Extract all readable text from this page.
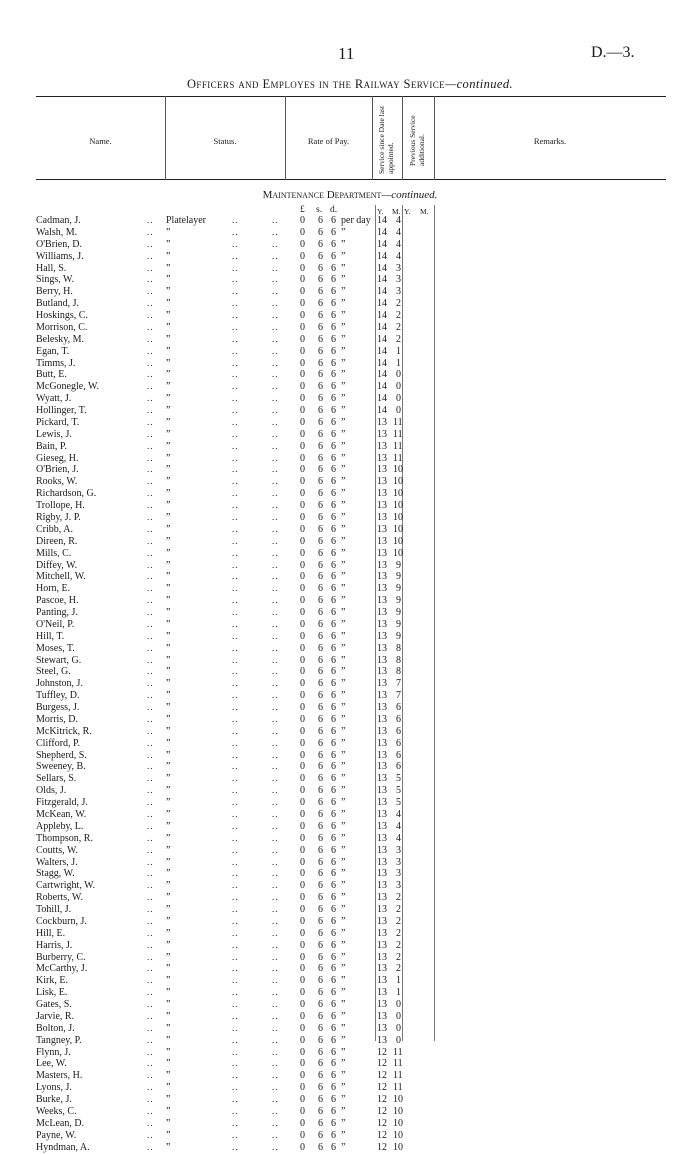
11	D.—3.
Officers and Employes in the Railway Service—continued.
Name.	Status.	Rate of Pay.	Service since Date last appointed. Previous Service additional.	Remarks.
Maintenance Department—continued.
£ s. d.	Y. M. Y. M.
Cadman, J.	.. Platelayer	..	.. 0 6 6 per day 14 4
Walsh, M.	.. ”	..	.. 0 6 6 ”	14 4
O'Brien, D.	.. ”	..	.. 0 6 6 ”	14 4
Williams, J.	.. ”	..	.. 0 6 6 ”	14 4
Hall, S.	.. ”	..	.. 0 6 6 ”	14 3
Sings, W.	.. ”	..	.. 0 6 6 ”	14 3
Berry, H.	.. ”	..	.. 0 6 6 ”	14 3
Butland, J.	.. ”	..	.. 0 6 6 ”	14 2
Hoskings, C.	.. ”	..	.. 0 6 6 ”	14 2
Morrison, C.	.. ”	..	.. 0 6 6 ”	14 2
Belesky, M.	.. ”	..	.. 0 6 6 ”	14 2
Egan, T.	.. ”	..	.. 0 6 6 ”	14 1
Timms, J.	.. ”	..	.. 0 6 6 ”	14 1
Butt, E.	.. ”	..	.. 0 6 6 ”	14 0
McGonegle, W.	.. ”	..	.. 0 6 6 ”	14 0
Wyatt, J.	.. ”	..	.. 0 6 6 ”	14 0
Hollinger, T.	.. ”	..	.. 0 6 6 ”	14 0
Pickard, T.	.. ”	..	.. 0 6 6 ”	13 11
Lewis, J.	.. ”	..	.. 0 6 6 ”	13 11
Bain, P.	.. ”	..	.. 0 6 6 ”	13 11
Gieseg, H.	.. ”	..	.. 0 6 6 ”	13 11
O'Brien, J.	.. ”	..	.. 0 6 6 ”	13 10
Rooks, W.	.. ”	..	.. 0 6 6 ”	13 10
Richardson, G.	.. ”	..	.. 0 6 6 ”	13 10
Trollope, H.	.. ”	..	.. 0 6 6 ”	13 10
Rigby, J. P.	.. ”	..	.. 0 6 6 ”	13 10
Cribb, A.	.. ”	..	.. 0 6 6 ”	13 10
Direen, R.	.. ”	..	.. 0 6 6 ”	13 10
Mills, C.	.. ”	..	.. 0 6 6 ”	13 10
Diffey, W.	.. ”	..	.. 0 6 6 ”	13 9
Mitchell, W.	.. ”	..	.. 0 6 6 ”	13 9
Horn, E.	.. ”	..	.. 0 6 6 ”	13 9
Pascoe, H.	.. ”	..	.. 0 6 6 ”	13 9
Panting, J.	.. ”	..	.. 0 6 6 ”	13 9
O'Neil, P.	.. ”	..	.. 0 6 6 ”	13 9
Hill, T.	.. ”	..	.. 0 6 6 ”	13 9
Moses, T.	.. ”	..	.. 0 6 6 ”	13 8
Stewart, G.	.. ”	..	.. 0 6 6 ”	13 8
Steel, G.	.. ”	..	.. 0 6 6 ”	13 8
Johnston, J.	.. ”	..	.. 0 6 6 ”	13 7
Tuffley, D.	.. ”	..	.. 0 6 6 ”	13 7
Burgess, J.	.. ”	..	.. 0 6 6 ”	13 6
Morris, D.	.. ”	..	.. 0 6 6 ”	13 6
McKitrick, R.	.. ”	..	.. 0 6 6 ”	13 6
Clifford, P.	.. ”	..	.. 0 6 6 ”	13 6
Shepherd, S.	.. ”	..	.. 0 6 6 ”	13 6
Sweeney, B.	.. ”	..	.. 0 6 6 ”	13 6
Sellars, S.	.. ”	..	.. 0 6 6 ”	13 5
Olds, J.	.. ”	..	.. 0 6 6 ”	13 5
Fitzgerald, J.	.. ”	..	.. 0 6 6 ”	13 5
McKean, W.	.. ”	..	.. 0 6 6 ”	13 4
Appleby, L.	.. ”	..	.. 0 6 6 ”	13 4
Thompson, R.	.. ”	..	.. 0 6 6 ”	13 4
Coutts, W.	.. ”	..	.. 0 6 6 ”	13 3
Walters, J.	.. ”	..	.. 0 6 6 ”	13 3
Stagg, W.	.. ”	..	.. 0 6 6 ”	13 3
Cartwright, W.	.. ”	..	.. 0 6 6 ”	13 3
Roberts, W.	.. ”	..	.. 0 6 6 ”	13 2
Tohill, J.	.. ”	..	.. 0 6 6 ”	13 2
Cockburn, J.	.. ”	..	.. 0 6 6 ”	13 2
Hill, E.	.. ”	..	.. 0 6 6 ”	13 2
Harris, J.	.. ”	..	.. 0 6 6 ”	13 2
Burberry, C.	.. ”	..	.. 0 6 6 ”	13 2
McCarthy, J.	.. ”	..	.. 0 6 6 ”	13 2
Kirk, E.	.. ”	..	.. 0 6 6 ”	13 1
Lisk, E.	.. ”	..	.. 0 6 6 ”	13 1
Gates, S.	.. ”	..	.. 0 6 6 ”	13 0
Jarvie, R.	.. ”	..	.. 0 6 6 ”	13 0
Bolton, J.	.. ”	..	.. 0 6 6 ”	13 0
Tangney, P.	.. ”	..	.. 0 6 6 ”	13 0
Flynn, J.	.. ”	..	.. 0 6 6 ”	12 11
Lee, W.	.. ”	..	.. 0 6 6 ”	12 11
Masters, H.	.. ”	..	.. 0 6 6 ”	12 11
Lyons, J.	.. ”	..	.. 0 6 6 ”	12 11
Burke, J.	.. ”	..	.. 0 6 6 ”	12 10
Weeks, C.	.. ”	..	.. 0 6 6 ”	12 10
McLean, D.	.. ”	..	.. 0 6 6 ”	12 10
Payne, W.	.. ”	..	.. 0 6 6 ”	12 10
Hyndman, A.	.. ”	..	.. 0 6 6 ”	12 10
